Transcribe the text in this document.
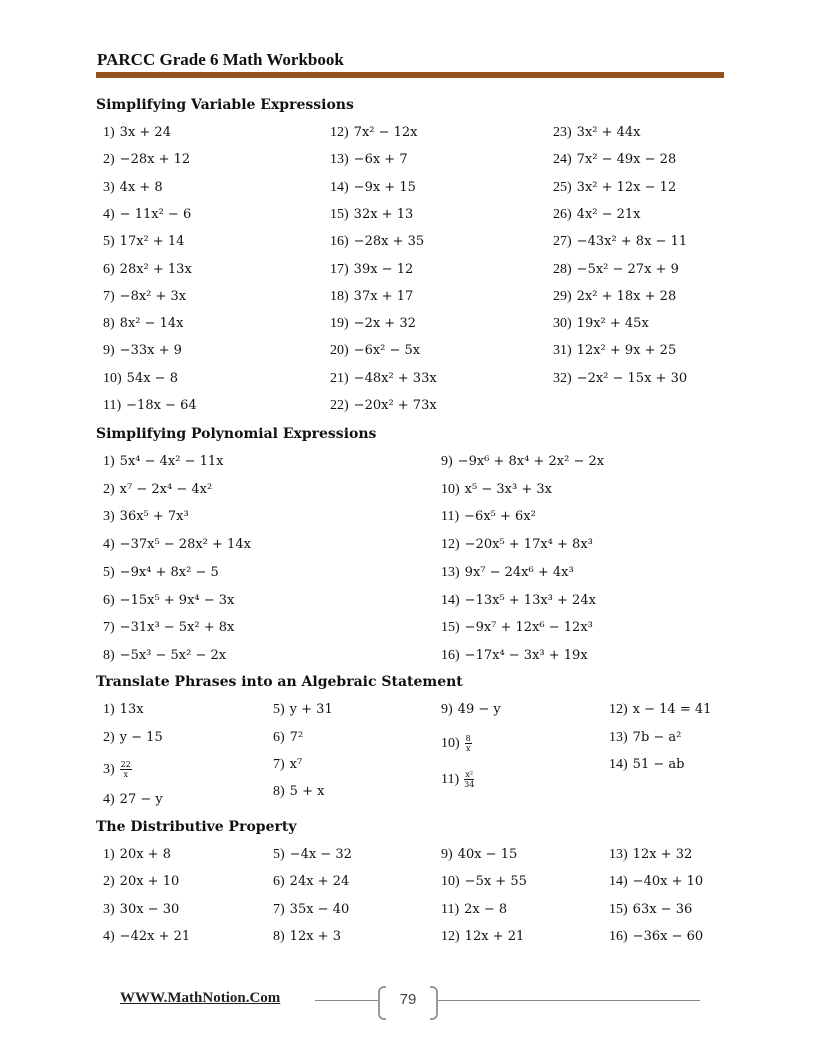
PARCC Grade 6 Math Workbook
Simplifying Variable Expressions
1) 3x + 24
2) −28x + 12
3) 4x + 8
4) − 11x² − 6
5) 17x² + 14
6) 28x² + 13x
7) −8x² + 3x
8) 8x² − 14x
9) −33x + 9
10) 54x − 8
11) −18x − 64
12) 7x² − 12x
13) −6x + 7
14) −9x + 15
15) 32x + 13
16) −28x + 35
17) 39x − 12
18) 37x + 17
19) −2x + 32
20) −6x² − 5x
21) −48x² + 33x
22) −20x² + 73x
23) 3x² + 44x
24) 7x² − 49x − 28
25) 3x² + 12x − 12
26) 4x² − 21x
27) −43x² + 8x − 11
28) −5x² − 27x + 9
29) 2x² + 18x + 28
30) 19x² + 45x
31) 12x² + 9x + 25
32) −2x² − 15x + 30
Simplifying Polynomial Expressions
1) 5x⁴ − 4x² − 11x
2) x⁷ − 2x⁴ − 4x²
3) 36x⁵ + 7x³
4) −37x⁵ − 28x² + 14x
5) −9x⁴ + 8x² − 5
6) −15x⁵ + 9x⁴ − 3x
7) −31x³ − 5x² + 8x
8) −5x³ − 5x² − 2x
9) −9x⁶ + 8x⁴ + 2x² − 2x
10) x⁵ − 3x³ + 3x
11) −6x⁵ + 6x²
12) −20x⁵ + 17x⁴ + 8x³
13) 9x⁷ − 24x⁶ + 4x³
14) −13x⁵ + 13x³ + 24x
15) −9x⁷ + 12x⁶ − 12x³
16) −17x⁴ − 3x³ + 19x
Translate Phrases into an Algebraic Statement
1) 13x
2) y − 15
$3) \frac{22}{x}$
4) 27 − y
5) y + 31
6) 7²
7) x⁷
8) 5 + x
9) 49 − y
$10) \frac{8}{x}$
$11) \frac{\text{x²}}{34}$
12) x − 14 = 41
13) 7b − a²
14) 51 − ab
The Distributive Property
1) 20x + 8
2) 20x + 10
3) 30x − 30
4) −42x + 21
5) −4x − 32
6) 24x + 24
7) 35x − 40
8) 12x + 3
9) 40x − 15
10) −5x + 55
11) 2x − 8
12) 12x + 21
13) 12x + 32
14) −40x + 10
15) 63x − 36
16) −36x − 60
WWW.MathNotion.Com	79
